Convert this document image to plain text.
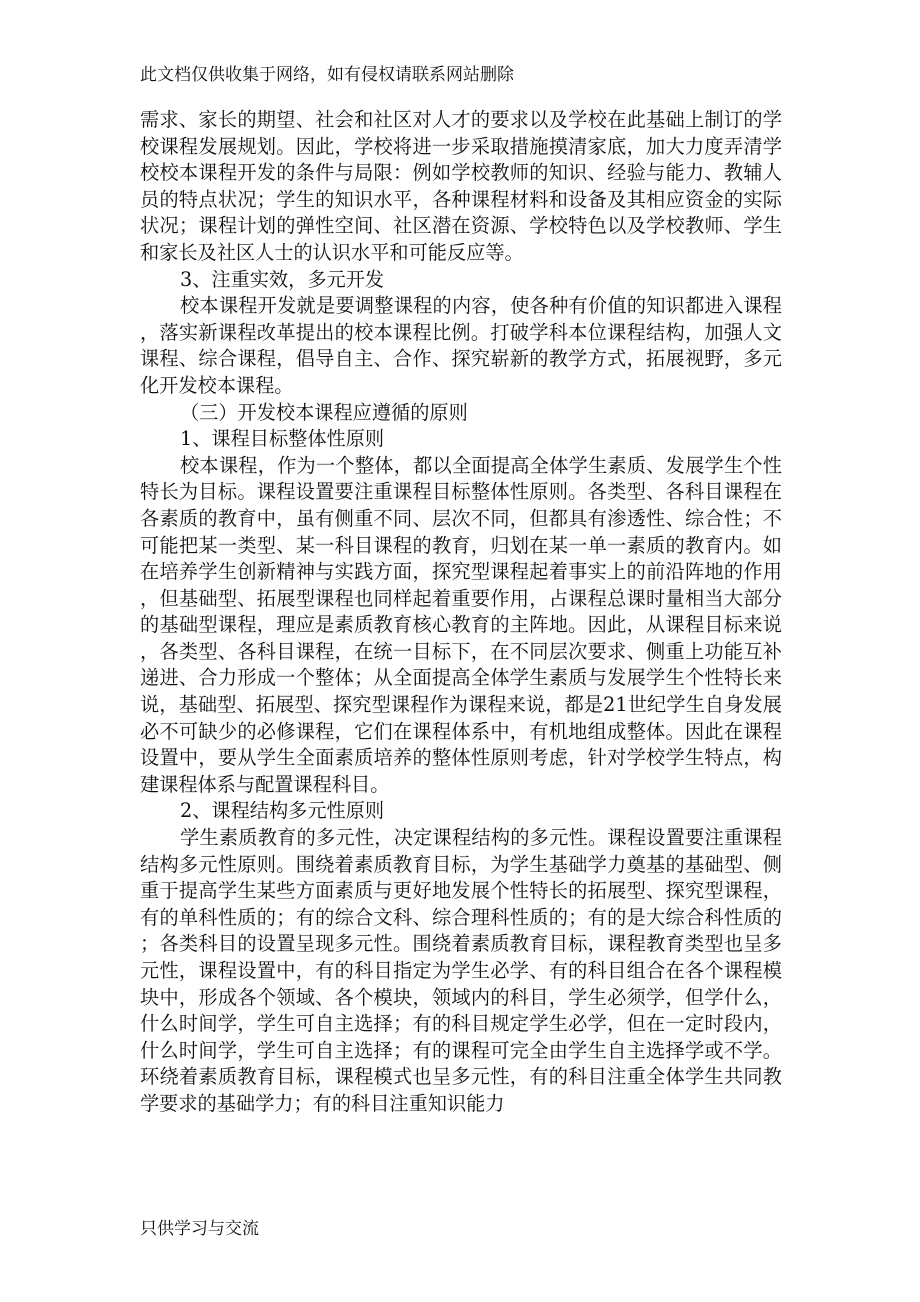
此文档仅供收集于网络，如有侵权请联系网站删除

需求、家长的期望、社会和社区对人才的要求以及学校在此基础上制订的学校课程发展规划。因此，学校将进一步采取措施摸清家底，加大力度弄清学校校本课程开发的条件与局限：例如学校教师的知识、经验与能力、教辅人员的特点状况；学生的知识水平，各种课程材料和设备及其相应资金的实际状况；课程计划的弹性空间、社区潜在资源、学校特色以及学校教师、学生和家长及社区人士的认识水平和可能反应等。

3、注重实效，多元开发

校本课程开发就是要调整课程的内容，使各种有价值的知识都进入课程，落实新课程改革提出的校本课程比例。打破学科本位课程结构，加强人文课程、综合课程，倡导自主、合作、探究崭新的教学方式，拓展视野，多元化开发校本课程。

（三）开发校本课程应遵循的原则

1、课程目标整体性原则

校本课程，作为一个整体，都以全面提高全体学生素质、发展学生个性特长为目标。课程设置要注重课程目标整体性原则。各类型、各科目课程在各素质的教育中，虽有侧重不同、层次不同，但都具有渗透性、综合性；不可能把某一类型、某一科目课程的教育，归划在某一单一素质的教育内。如在培养学生创新精神与实践方面，探究型课程起着事实上的前沿阵地的作用，但基础型、拓展型课程也同样起着重要作用，占课程总课时量相当大部分的基础型课程，理应是素质教育核心教育的主阵地。因此，从课程目标来说，各类型、各科目课程，在统一目标下，在不同层次要求、侧重上功能互补递进、合力形成一个整体；从全面提高全体学生素质与发展学生个性特长来说，基础型、拓展型、探究型课程作为课程来说，都是21世纪学生自身发展必不可缺少的必修课程，它们在课程体系中，有机地组成整体。因此在课程设置中，要从学生全面素质培养的整体性原则考虑，针对学校学生特点，构建课程体系与配置课程科目。

2、课程结构多元性原则

学生素质教育的多元性，决定课程结构的多元性。课程设置要注重课程结构多元性原则。围绕着素质教育目标，为学生基础学力奠基的基础型、侧重于提高学生某些方面素质与更好地发展个性特长的拓展型、探究型课程，有的单科性质的；有的综合文科、综合理科性质的；有的是大综合科性质的；各类科目的设置呈现多元性。围绕着素质教育目标，课程教育类型也呈多元性，课程设置中，有的科目指定为学生必学、有的科目组合在各个课程模块中，形成各个领域、各个模块，领域内的科目，学生必须学，但学什么，什么时间学，学生可自主选择；有的科目规定学生必学，但在一定时段内，什么时间学，学生可自主选择；有的课程可完全由学生自主选择学或不学。环绕着素质教育目标，课程模式也呈多元性，有的科目注重全体学生共同教学要求的基础学力；有的科目注重知识能力

只供学习与交流
